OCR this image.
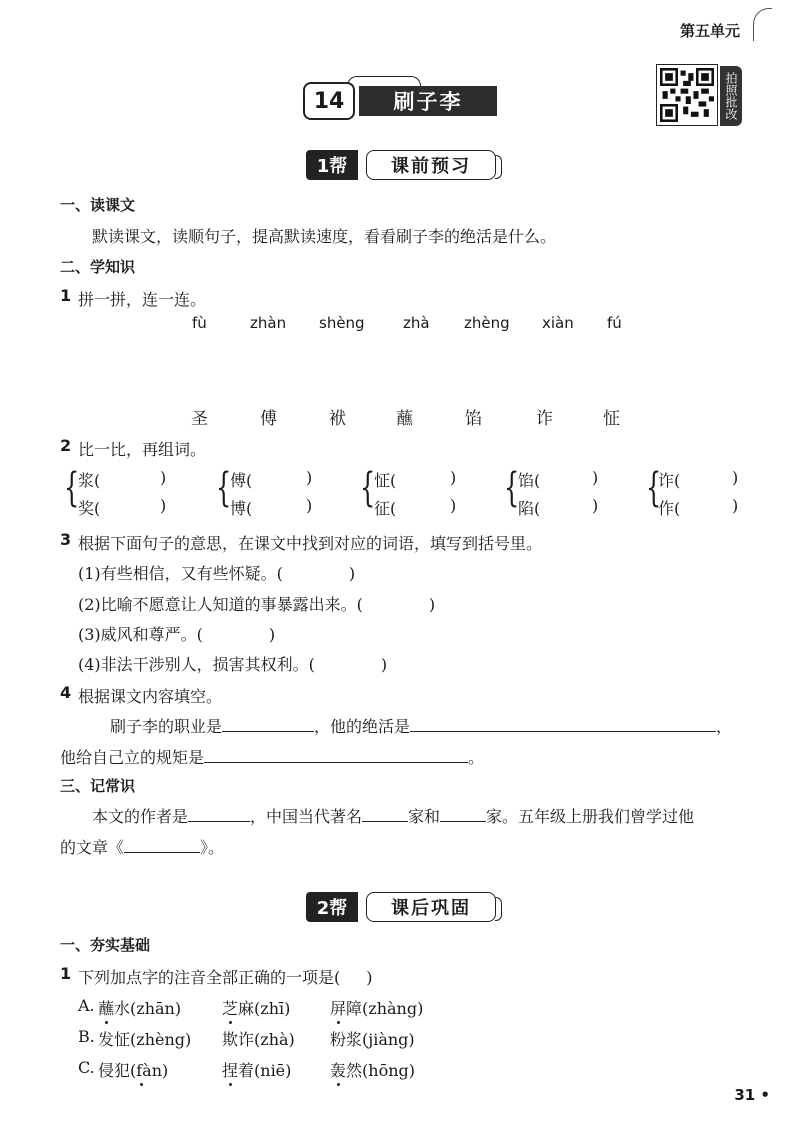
第五单元
14	刷子李	拍照批改
1帮	课前预习
一、读课文
默读课文，读顺句子，提高默读速度，看看刷子李的绝活是什么。
二、学知识
1 拼一拼，连一连。
fù	zhàn shèng	zhà zhèng xiàn fú
圣	傅	袱	蘸	馅	诈	怔
2 比一比，再组词。
{
浆(	)
奖(	) {
傅(	)
博(	) {
怔(	)
征(	) {
馅(	)
陷(	) {
诈(	)
作(	)
3 根据下面句子的意思，在课文中找到对应的词语，填写到括号里。
(1)有些相信，又有些怀疑。(	)
(2)比喻不愿意让人知道的事暴露出来。(	)
(3)威风和尊严。(	)
(4)非法干涉别人，损害其权利。(	)
4 根据课文内容填空。
刷子李的职业是	，他的绝活是	，
他给自己立的规矩是	。
三、记常识
本文的作者是	，中国当代著名	家和	家。五年级上册我们曾学过他
的文章《	》。
2帮	课后巩固
一、夯实基础
1 下列加点字的注音全部正确的一项是( )
A. 蘸水(zhān)	芝麻(zhī) 屏障(zhàng)
B. 发怔(zhèng) 欺诈(zhà) 粉浆(jiàng)
C. 侵犯(fàn)	捏着(niē) 轰然(hōng)
31 •
